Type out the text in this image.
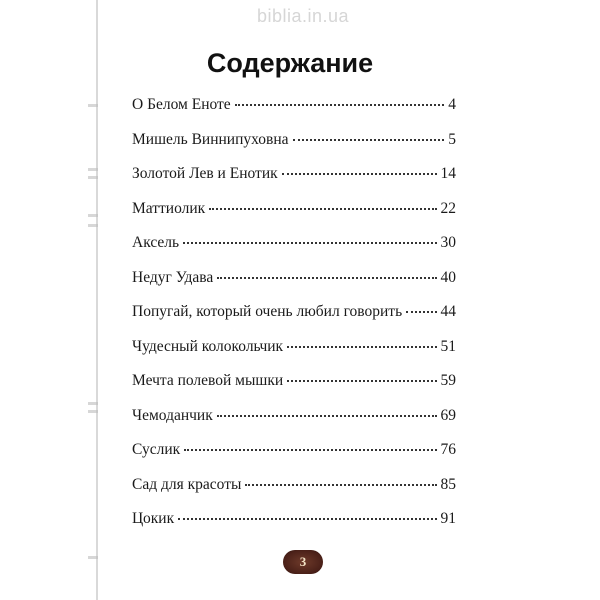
biblia.in.ua
Содержание
О Белом Еноте	4
Мишель Виннипуховна	5
Золотой Лев и Енотик	14
Маттиолик	22
Аксель	30
Недуг Удава	40
Попугай, который очень любил говорить 44
Чудесный колокольчик	51
Мечта полевой мышки	59
Чемоданчик	69
Суслик	76
Сад для красоты	85
Цокик	91
3
